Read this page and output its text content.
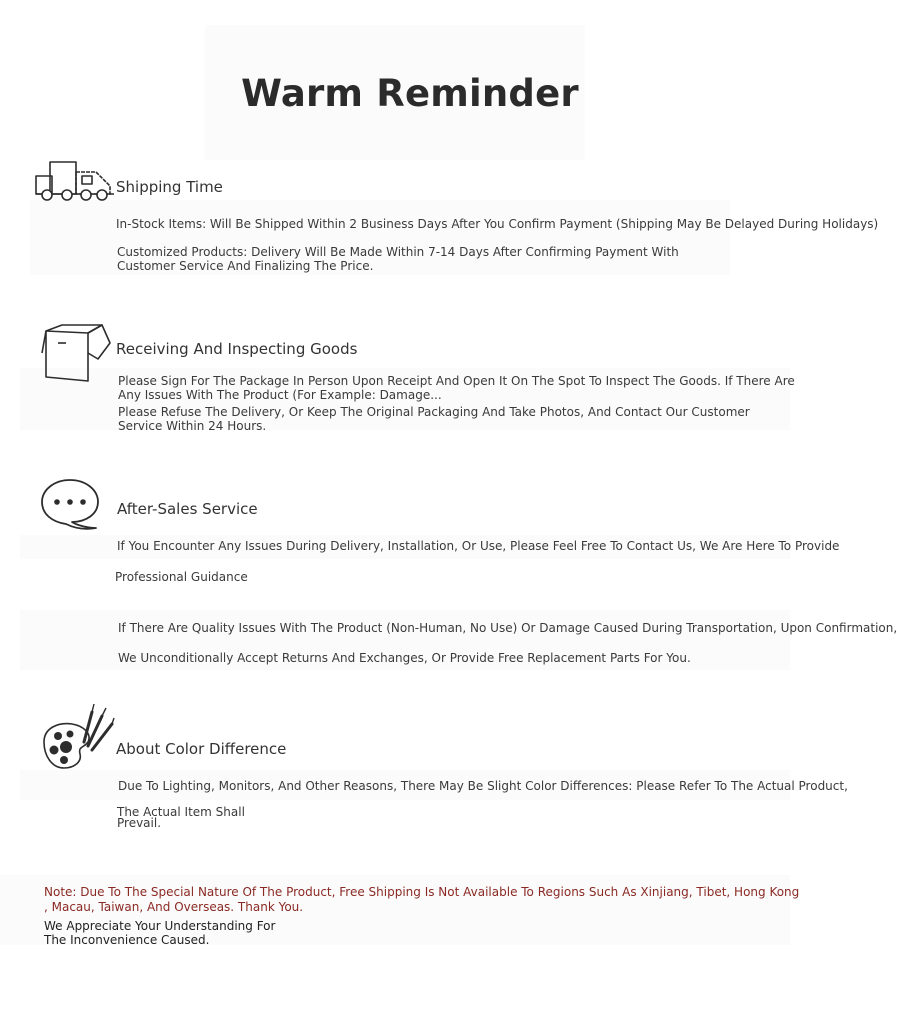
Warm Reminder
Shipping Time
In-Stock Items: Will Be Shipped Within 2 Business Days After You Confirm Payment (Shipping May Be Delayed During Holidays)
Customized Products: Delivery Will Be Made Within 7-14 Days After Confirming Payment With
Customer Service And Finalizing The Price.
Receiving And Inspecting Goods
Please Sign For The Package In Person Upon Receipt And Open It On The Spot To Inspect The Goods. If There Are
Any Issues With The Product (For Example: Damage...
Please Refuse The Delivery, Or Keep The Original Packaging And Take Photos, And Contact Our Customer
Service Within 24 Hours.
After-Sales Service
If You Encounter Any Issues During Delivery, Installation, Or Use, Please Feel Free To Contact Us, We Are Here To Provide
Professional Guidance
If There Are Quality Issues With The Product (Non-Human, No Use) Or Damage Caused During Transportation, Upon Confirmation,
We Unconditionally Accept Returns And Exchanges, Or Provide Free Replacement Parts For You.
About Color Difference
Due To Lighting, Monitors, And Other Reasons, There May Be Slight Color Differences: Please Refer To The Actual Product,
The Actual Item Shall
Prevail.
Note: Due To The Special Nature Of The Product, Free Shipping Is Not Available To Regions Such As Xinjiang, Tibet, Hong Kong
, Macau, Taiwan, And Overseas. Thank You.
We Appreciate Your Understanding For
The Inconvenience Caused.
